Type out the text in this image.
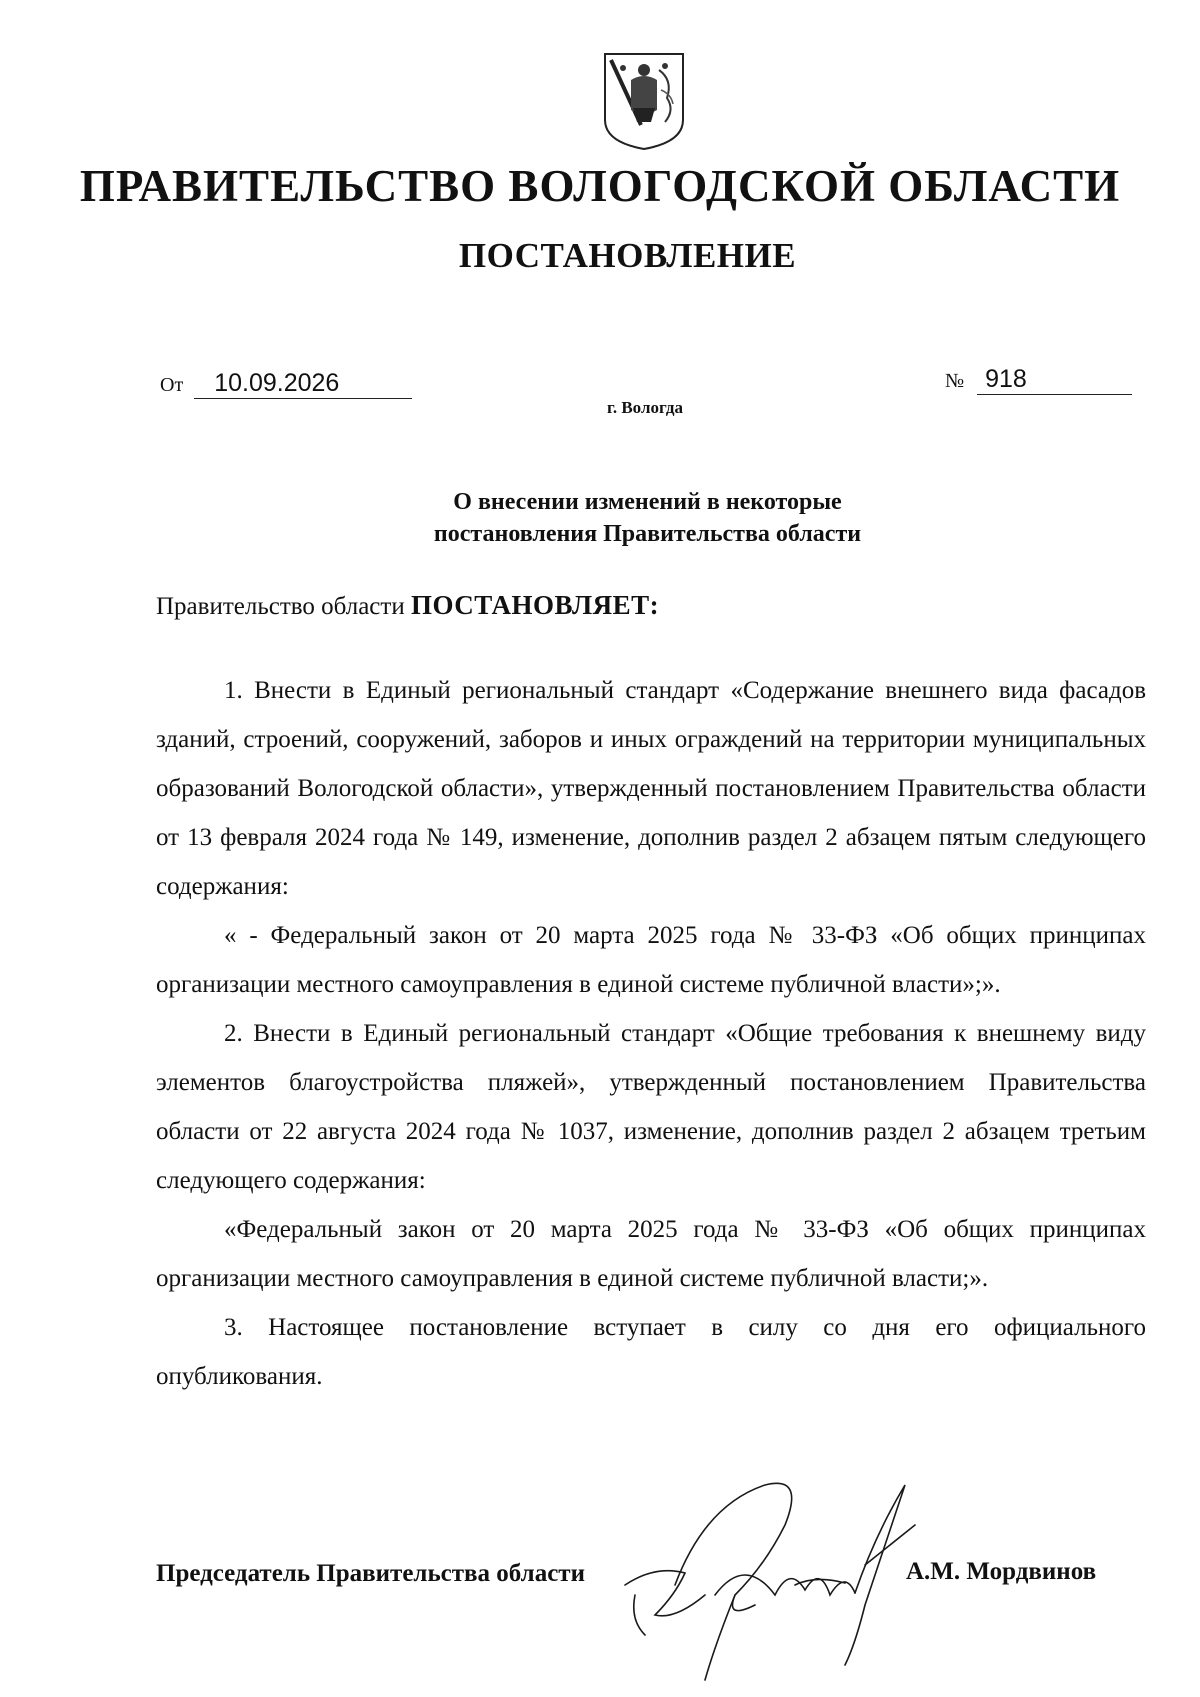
ПРАВИТЕЛЬСТВО ВОЛОГОДСКОЙ ОБЛАСТИ
ПОСТАНОВЛЕНИЕ
От 10.09.2026	№ 918
г. Вологда
О внесении изменений в некоторые
постановления Правительства области
Правительство области ПОСТАНОВЛЯЕТ:

1. Внести в Единый региональный стандарт «Содержание внешнего вида фасадов зданий, строений, сооружений, заборов и иных ограждений на территории муниципальных образований Вологодской области», утвержденный постановлением Правительства области от 13 февраля 2024 года № 149, изменение, дополнив раздел 2 абзацем пятым следующего содержания:

« - Федеральный закон от 20 марта 2025 года № 33-ФЗ «Об общих принципах организации местного самоуправления в единой системе публичной власти»;».

2. Внести в Единый региональный стандарт «Общие требования к внешнему виду элементов благоустройства пляжей», утвержденный постановлением Правительства области от 22 августа 2024 года № 1037, изменение, дополнив раздел 2 абзацем третьим следующего содержания:

«Федеральный закон от 20 марта 2025 года № 33-ФЗ «Об общих принципах организации местного самоуправления в единой системе публичной власти;».

3. Настоящее постановление вступает в силу со дня его официального опубликования.

Председатель Правительства области	А.М. Мордвинов
